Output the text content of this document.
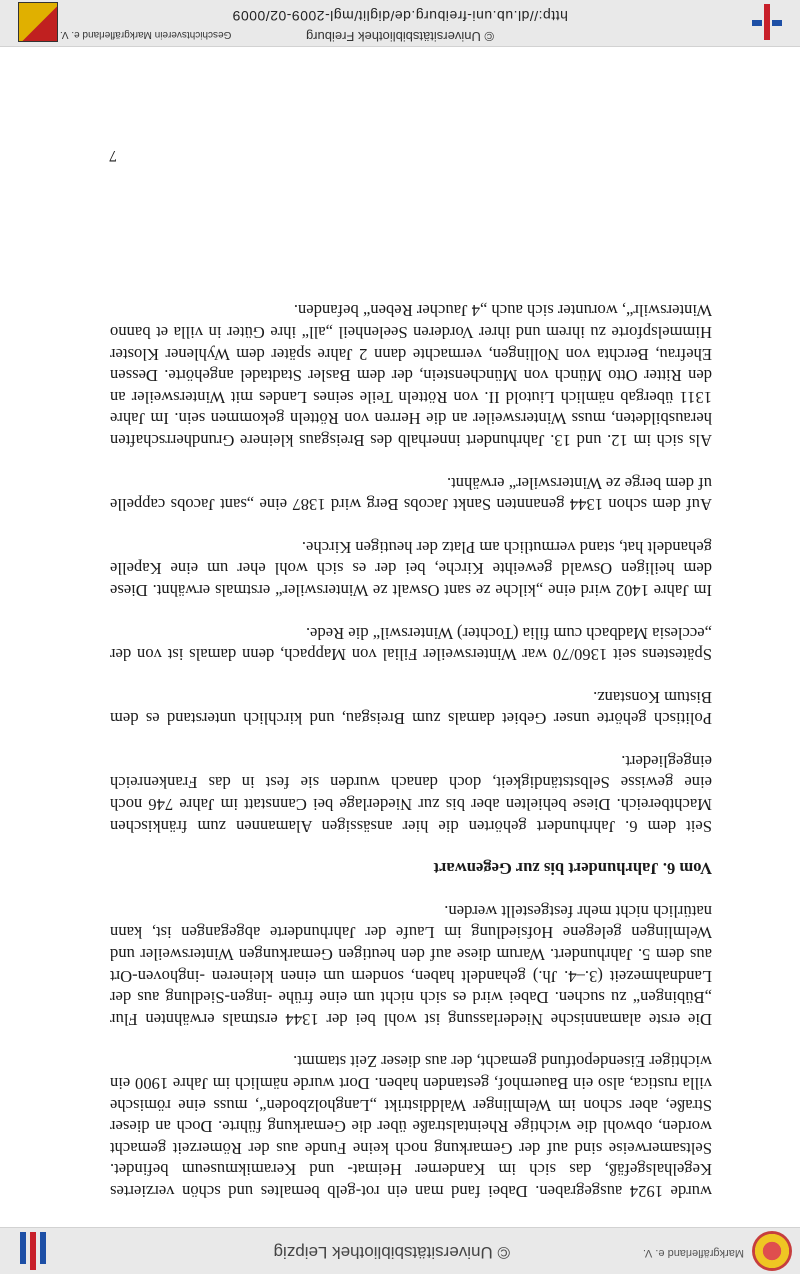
Markgräflerland e. V.
© Universitätsbibliothek Leipzig

wurde 1924 ausgegraben. Dabei fand man ein rot-gelb bemaltes und schön verziertes Kegelhalsgefäß, das sich im Kanderner Heimat- und Keramikmuseum befindet. Seltsamerweise sind auf der Gemarkung noch keine Funde aus der Römerzeit gemacht worden, obwohl die wichtige Rheintalstraße über die Gemarkung führte. Doch an dieser Straße, aber schon im Welmlinger Walddistrikt „Langholzboden“, muss eine römische villa rustica, also ein Bauernhof, gestanden haben. Dort wurde nämlich im Jahre 1900 ein wichtiger Eisendepotfund gemacht, der aus dieser Zeit stammt.

Die erste alamannische Niederlassung ist wohl bei der 1344 erstmals erwähnten Flur „Bübingen“ zu suchen. Dabei wird es sich nicht um eine frühe -ingen-Siedlung aus der Landnahmezeit (3.–4. Jh.) gehandelt haben, sondern um einen kleineren -inghoven-Ort aus dem 5. Jahrhundert. Warum diese auf den heutigen Gemarkungen Wintersweiler und Welmlingen gelegene Hofsiedlung im Laufe der Jahrhunderte abgegangen ist, kann natürlich nicht mehr festgestellt werden.

Vom 6. Jahrhundert bis zur Gegenwart

Seit dem 6. Jahrhundert gehörten die hier ansässigen Alamannen zum fränkischen Machtbereich. Diese behielten aber bis zur Niederlage bei Cannstatt im Jahre 746 noch eine gewisse Selbstständigkeit, doch danach wurden sie fest in das Frankenreich eingegliedert.

Politisch gehörte unser Gebiet damals zum Breisgau, und kirchlich unterstand es dem Bistum Konstanz.

Spätestens seit 1360/70 war Wintersweiler Filial von Mappach, denn damals ist von der „ecclesia Madbach cum filia (Tochter) Winterswil“ die Rede.

Im Jahre 1402 wird eine „kilche ze sant Oswalt ze Winterswiler“ erstmals erwähnt. Diese dem heiligen Oswald geweihte Kirche, bei der es sich wohl eher um eine Kapelle gehandelt hat, stand vermutlich am Platz der heutigen Kirche.

Auf dem schon 1344 genannten Sankt Jacobs Berg wird 1387 eine „sant Jacobs cappelle uf dem berge ze Winterswiler“ erwähnt.

Als sich im 12. und 13. Jahrhundert innerhalb des Breisgaus kleinere Grundherrschaften herausbildeten, muss Wintersweiler an die Herren von Rötteln gekommen sein. Im Jahre 1311 übergab nämlich Liutold II. von Rötteln Teile seines Landes mit Wintersweiler an den Ritter Otto Münch von Münchenstein, der dem Basler Stadtadel angehörte. Dessen Ehefrau, Berchta von Nollingen, vermachte dann 2 Jahre später dem Wyhlener Kloster Himmelspforte zu ihrem und ihrer Vorderen Seelenheil „all“ ihre Güter in villa et banno Winterswilr“, worunter sich auch „4 Jaucher Reben“ befanden.

7
http://dl.ub.uni-freiburg.de/diglit/mgl-2009-02/0009
© Universitätsbibliothek Freiburg
Geschichtsverein Markgräflerland e. V.
